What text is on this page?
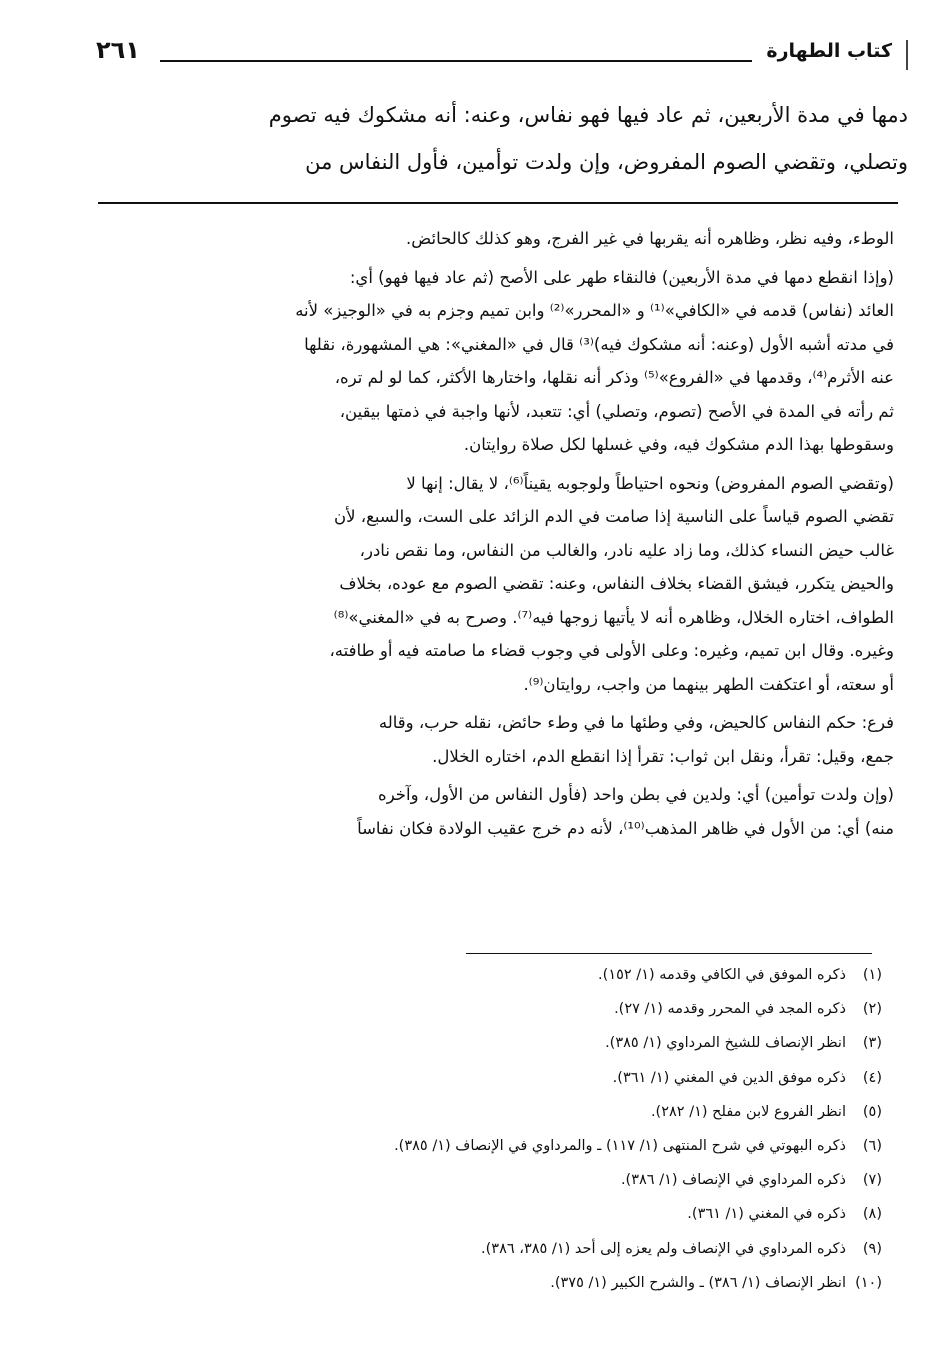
كتاب الطهارة
٢٦١

دمها في مدة الأربعين، ثم عاد فيها فهو نفاس، وعنه: أنه مشكوك فيه تصوم

وتصلي، وتقضي الصوم المفروض، وإن ولدت توأمين، فأول النفاس من

الوطء، وفيه نظر، وظاهره أنه يقربها في غير الفرج، وهو كذلك كالحائض.
(وإذا انقطع دمها في مدة الأربعين) فالنقاء طهر على الأصح (ثم عاد فيها فهو) أي:
العائد (نفاس) قدمه في «الكافي»⁽¹⁾ و «المحرر»⁽²⁾ وابن تميم وجزم به في «الوجيز» لأنه
في مدته أشبه الأول (وعنه: أنه مشكوك فيه)⁽³⁾ قال في «المغني»: هي المشهورة، نقلها
عنه الأثرم⁽⁴⁾، وقدمها في «الفروع»⁽⁵⁾ وذكر أنه نقلها، واختارها الأكثر، كما لو لم تره،
ثم رأته في المدة في الأصح (تصوم، وتصلي) أي: تتعبد، لأنها واجبة في ذمتها بيقين،
وسقوطها بهذا الدم مشكوك فيه، وفي غسلها لكل صلاة روايتان.
(وتقضي الصوم المفروض) ونحوه احتياطاً ولوجوبه يقيناً⁽⁶⁾، لا يقال: إنها لا
تقضي الصوم قياساً على الناسية إذا صامت في الدم الزائد على الست، والسبع، لأن
غالب حيض النساء كذلك، وما زاد عليه نادر، والغالب من النفاس، وما نقص نادر،
والحيض يتكرر، فيشق القضاء بخلاف النفاس، وعنه: تقضي الصوم مع عوده، بخلاف
الطواف، اختاره الخلال، وظاهره أنه لا يأتيها زوجها فيه⁽⁷⁾. وصرح به في «المغني»⁽⁸⁾
وغيره. وقال ابن تميم، وغيره: وعلى الأولى في وجوب قضاء ما صامته فيه أو طافته،
أو سعته، أو اعتكفت الطهر بينهما من واجب، روايتان⁽⁹⁾.
فرع: حكم النفاس كالحيض، وفي وطئها ما في وطء حائض، نقله حرب، وقاله
جمع، وقيل: تقرأ، ونقل ابن ثواب: تقرأ إذا انقطع الدم، اختاره الخلال.
(وإن ولدت توأمين) أي: ولدين في بطن واحد (فأول النفاس من الأول، وآخره
منه) أي: من الأول في ظاهر المذهب⁽¹⁰⁾، لأنه دم خرج عقيب الولادة فكان نفاساً
(١)ذكره الموفق في الكافي وقدمه (١/ ١٥٢).
(٢)ذكره المجد في المحرر وقدمه (١/ ٢٧).
(٣)انظر الإنصاف للشيخ المرداوي (١/ ٣٨٥).
(٤)ذكره موفق الدين في المغني (١/ ٣٦١).
(٥)انظر الفروع لابن مفلح (١/ ٢٨٢).
(٦)ذكره البهوتي في شرح المنتهى (١/ ١١٧) ـ والمرداوي في الإنصاف (١/ ٣٨٥).
(٧)ذكره المرداوي في الإنصاف (١/ ٣٨٦).
(٨)ذكره في المغني (١/ ٣٦١).
(٩)ذكره المرداوي في الإنصاف ولم يعزه إلى أحد (١/ ٣٨٥، ٣٨٦).
(١٠)انظر الإنصاف (١/ ٣٨٦) ـ والشرح الكبير (١/ ٣٧٥).
